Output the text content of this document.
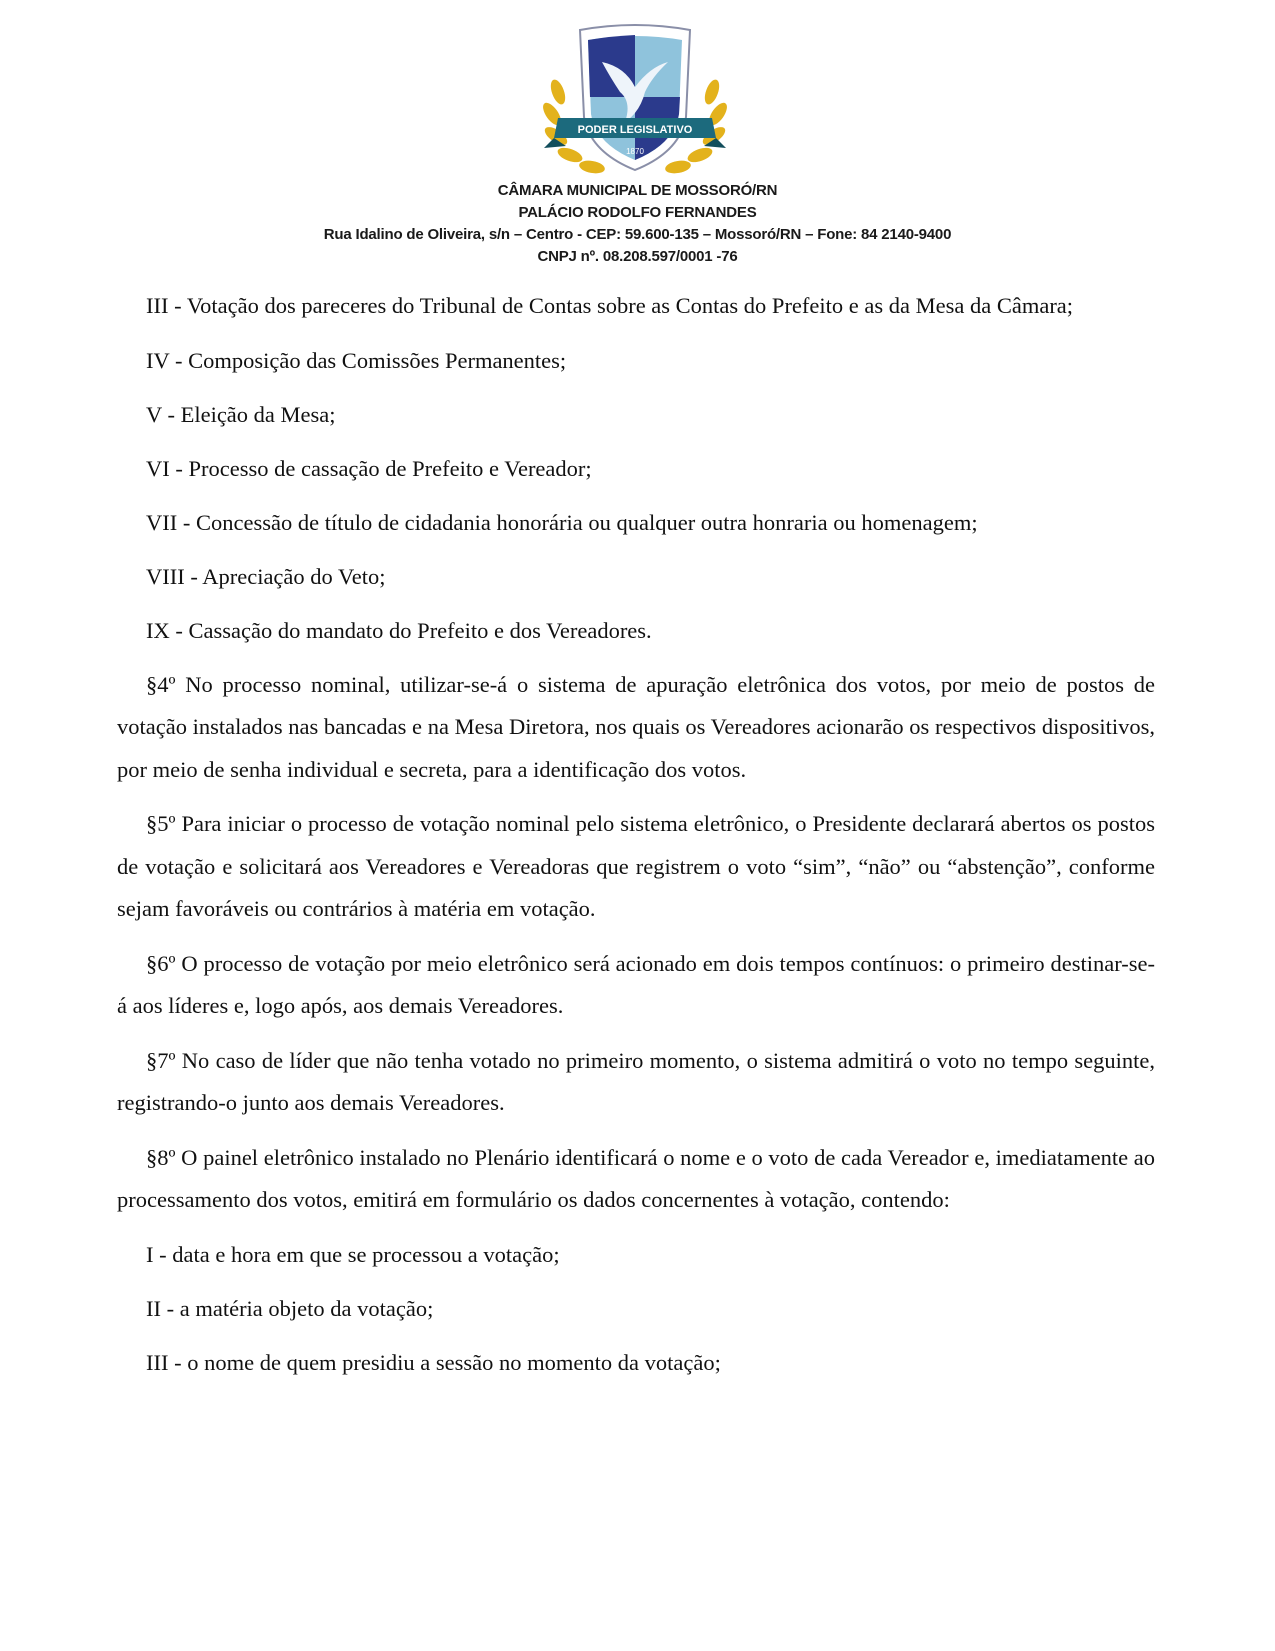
PODER LEGISLATIVO
1870
CÂMARA MUNICIPAL DE MOSSORÓ/RN
PALÁCIO RODOLFO FERNANDES
Rua Idalino de Oliveira, s/n – Centro - CEP: 59.600-135 – Mossoró/RN – Fone: 84 2140-9400
CNPJ nº. 08.208.597/0001 -76

III - Votação dos pareceres do Tribunal de Contas sobre as Contas do Prefeito e as da Mesa da Câmara;

IV - Composição das Comissões Permanentes;

V - Eleição da Mesa;

VI - Processo de cassação de Prefeito e Vereador;

VII - Concessão de título de cidadania honorária ou qualquer outra honraria ou homenagem;

VIII - Apreciação do Veto;

IX - Cassação do mandato do Prefeito e dos Vereadores.

§4º No processo nominal, utilizar-se-á o sistema de apuração eletrônica dos votos, por meio de postos de votação instalados nas bancadas e na Mesa Diretora, nos quais os Vereadores acionarão os respectivos dispositivos, por meio de senha individual e secreta, para a identificação dos votos.

§5º Para iniciar o processo de votação nominal pelo sistema eletrônico, o Presidente declarará abertos os postos de votação e solicitará aos Vereadores e Vereadoras que registrem o voto “sim”, “não” ou “abstenção”, conforme sejam favoráveis ou contrários à matéria em votação.

§6º O processo de votação por meio eletrônico será acionado em dois tempos contínuos: o primeiro destinar-se-á aos líderes e, logo após, aos demais Vereadores.

§7º No caso de líder que não tenha votado no primeiro momento, o sistema admitirá o voto no tempo seguinte, registrando-o junto aos demais Vereadores.

§8º O painel eletrônico instalado no Plenário identificará o nome e o voto de cada Vereador e, imediatamente ao processamento dos votos, emitirá em formulário os dados concernentes à votação, contendo:

I - data e hora em que se processou a votação;

II - a matéria objeto da votação;

III - o nome de quem presidiu a sessão no momento da votação;
